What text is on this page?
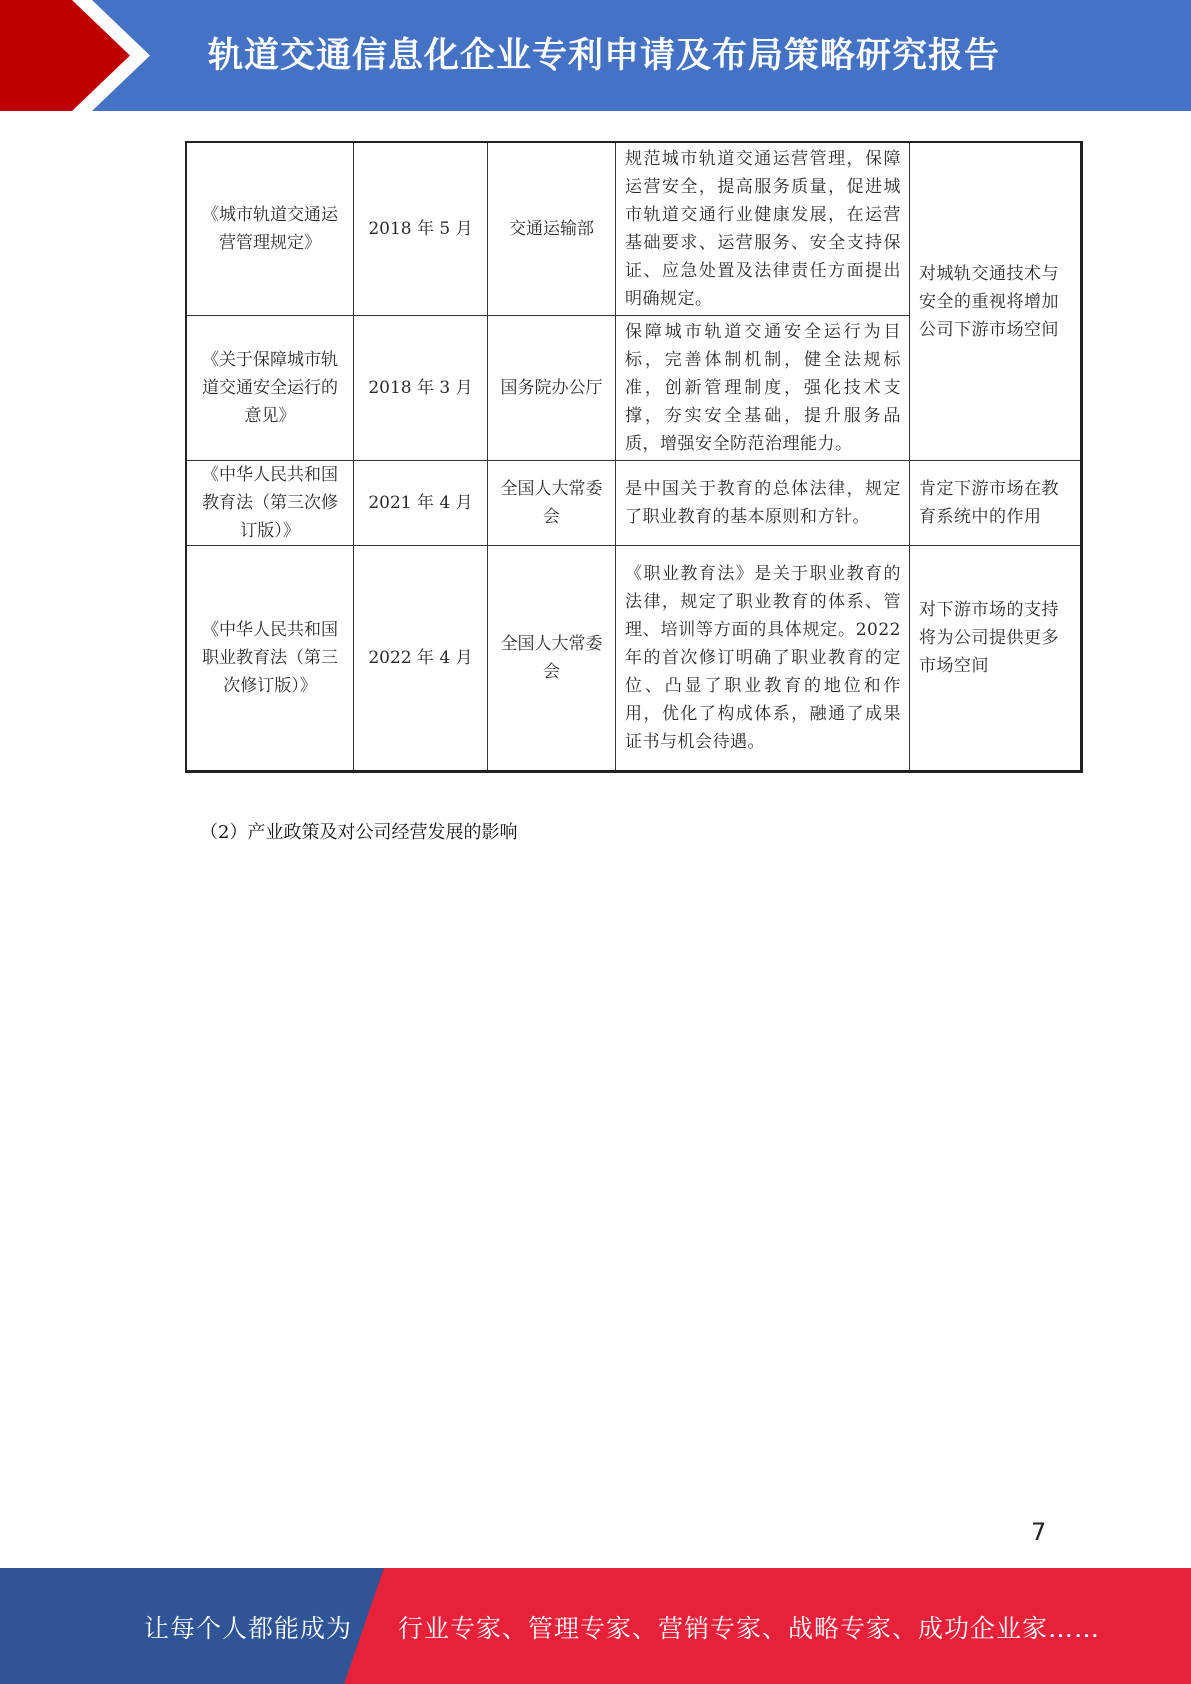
轨道交通信息化企业专利申请及布局策略研究报告
《城市轨道交通运营管理规定》	2018 年 5 月	交通运输部	规范城市轨道交通运营管理，保障运营安全，提高服务质量，促进城市轨道交通行业健康发展，在运营基础要求、运营服务、安全支持保证、应急处置及法律责任方面提出明确规定。	对城轨交通技术与安全的重视将增加公司下游市场空间
《关于保障城市轨道交通安全运行的意见》	2018 年 3 月	国务院办公厅	保障城市轨道交通安全运行为目标，完善体制机制，健全法规标准，创新管理制度，强化技术支撑，夯实安全基础，提升服务品质，增强安全防范治理能力。	
《中华人民共和国教育法（第三次修订版）》	2021 年 4 月	全国人大常委会	是中国关于教育的总体法律，规定了职业教育的基本原则和方针。	肯定下游市场在教育系统中的作用
《中华人民共和国职业教育法（第三次修订版）》	2022 年 4 月	全国人大常委会	《职业教育法》是关于职业教育的法律，规定了职业教育的体系、管理、培训等方面的具体规定。2022 年的首次修订明确了职业教育的定位、凸显了职业教育的地位和作用，优化了构成体系，融通了成果证书与机会待遇。	对下游市场的支持将为公司提供更多市场空间
（2）产业政策及对公司经营发展的影响
7
让每个人都能成为 行业专家、管理专家、营销专家、战略专家、成功企业家……
